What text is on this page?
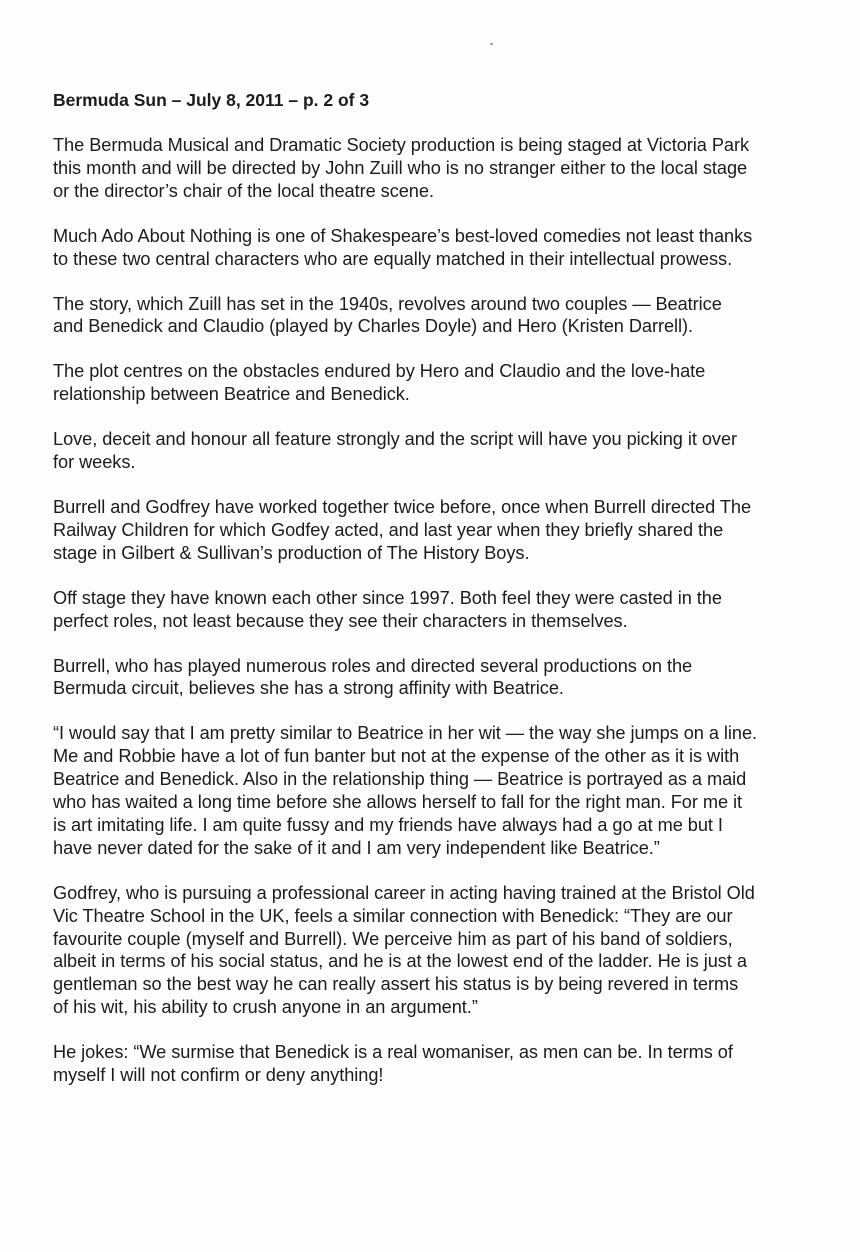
Bermuda Sun – July 8, 2011 – p. 2 of 3

The Bermuda Musical and Dramatic Society production is being staged at Victoria Park
this month and will be directed by John Zuill who is no stranger either to the local stage
or the director’s chair of the local theatre scene.

Much Ado About Nothing is one of Shakespeare’s best-loved comedies not least thanks
to these two central characters who are equally matched in their intellectual prowess.

The story, which Zuill has set in the 1940s, revolves around two couples — Beatrice
and Benedick and Claudio (played by Charles Doyle) and Hero (Kristen Darrell).

The plot centres on the obstacles endured by Hero and Claudio and the love-hate
relationship between Beatrice and Benedick.

Love, deceit and honour all feature strongly and the script will have you picking it over
for weeks.

Burrell and Godfrey have worked together twice before, once when Burrell directed The
Railway Children for which Godfey acted, and last year when they briefly shared the
stage in Gilbert & Sullivan’s production of The History Boys.

Off stage they have known each other since 1997. Both feel they were casted in the
perfect roles, not least because they see their characters in themselves.

Burrell, who has played numerous roles and directed several productions on the
Bermuda circuit, believes she has a strong affinity with Beatrice.

“I would say that I am pretty similar to Beatrice in her wit — the way she jumps on a line.
Me and Robbie have a lot of fun banter but not at the expense of the other as it is with
Beatrice and Benedick. Also in the relationship thing — Beatrice is portrayed as a maid
who has waited a long time before she allows herself to fall for the right man. For me it
is art imitating life. I am quite fussy and my friends have always had a go at me but I
have never dated for the sake of it and I am very independent like Beatrice.”

Godfrey, who is pursuing a professional career in acting having trained at the Bristol Old
Vic Theatre School in the UK, feels a similar connection with Benedick: “They are our
favourite couple (myself and Burrell). We perceive him as part of his band of soldiers,
albeit in terms of his social status, and he is at the lowest end of the ladder. He is just a
gentleman so the best way he can really assert his status is by being revered in terms
of his wit, his ability to crush anyone in an argument.”

He jokes: “We surmise that Benedick is a real womaniser, as men can be. In terms of
myself I will not confirm or deny anything!
